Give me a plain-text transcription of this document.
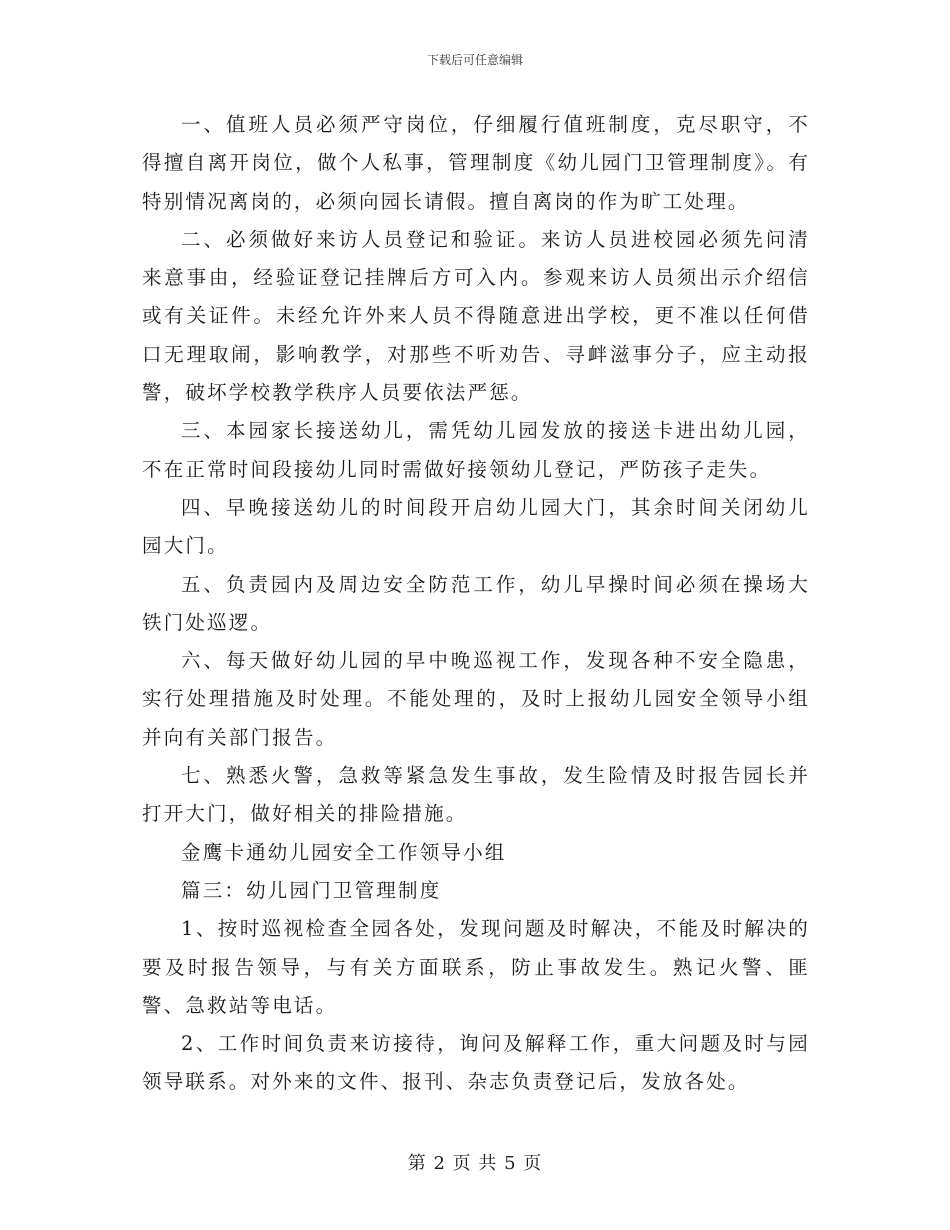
下载后可任意编辑

一、值班人员必须严守岗位，仔细履行值班制度，克尽职守，不得擅自离开岗位，做个人私事，管理制度《幼儿园门卫管理制度》。有特别情况离岗的，必须向园长请假。擅自离岗的作为旷工处理。

二、必须做好来访人员登记和验证。来访人员进校园必须先问清来意事由，经验证登记挂牌后方可入内。参观来访人员须出示介绍信或有关证件。未经允许外来人员不得随意进出学校，更不准以任何借口无理取闹，影响教学，对那些不听劝告、寻衅滋事分子，应主动报警，破坏学校教学秩序人员要依法严惩。

三、本园家长接送幼儿，需凭幼儿园发放的接送卡进出幼儿园，不在正常时间段接幼儿同时需做好接领幼儿登记，严防孩子走失。

四、早晚接送幼儿的时间段开启幼儿园大门，其余时间关闭幼儿园大门。

五、负责园内及周边安全防范工作，幼儿早操时间必须在操场大铁门处巡逻。

六、每天做好幼儿园的早中晚巡视工作，发现各种不安全隐患，实行处理措施及时处理。不能处理的，及时上报幼儿园安全领导小组并向有关部门报告。

七、熟悉火警，急救等紧急发生事故，发生险情及时报告园长并打开大门，做好相关的排险措施。

金鹰卡通幼儿园安全工作领导小组

篇三：幼儿园门卫管理制度

1、按时巡视检查全园各处，发现问题及时解决，不能及时解决的要及时报告领导，与有关方面联系，防止事故发生。熟记火警、匪警、急救站等电话。

2、工作时间负责来访接待，询问及解释工作，重大问题及时与园领导联系。对外来的文件、报刊、杂志负责登记后，发放各处。

第 2 页 共 5 页
